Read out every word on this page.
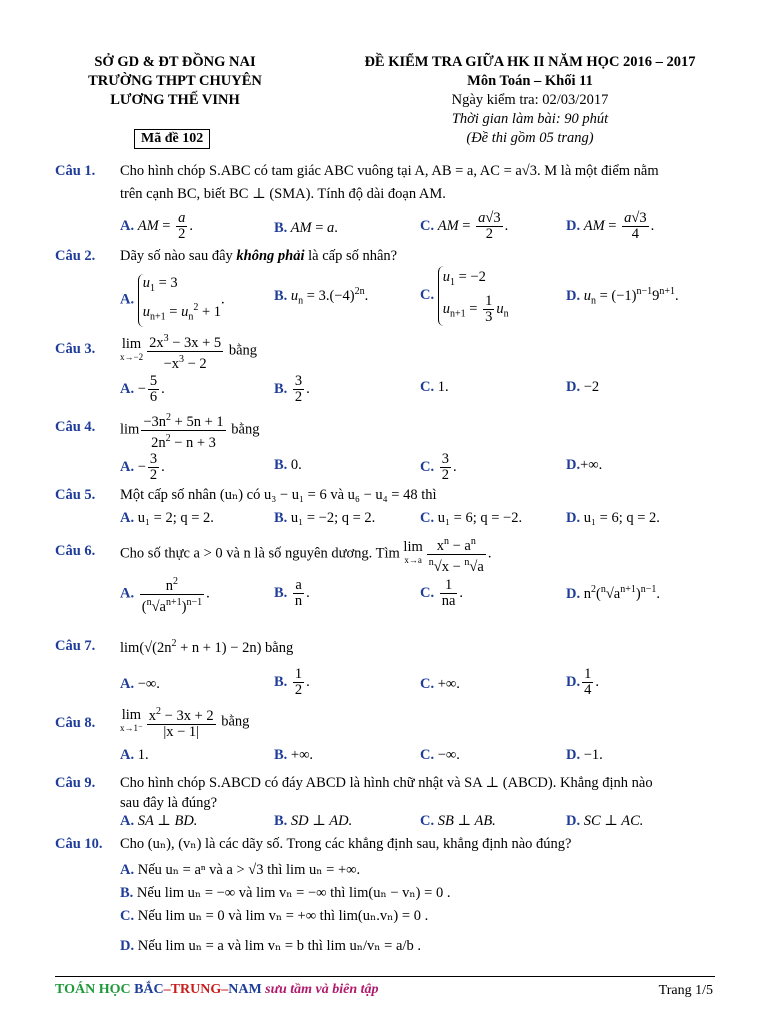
SỞ GD & ĐT ĐỒNG NAI
TRƯỜNG THPT CHUYÊN
LƯƠNG THẾ VINH
ĐỀ KIỂM TRA GIỮA HK II NĂM HỌC 2016 – 2017
Môn Toán – Khối 11
Ngày kiểm tra: 02/03/2017
Thời gian làm bài: 90 phút
(Đề thi gồm 05 trang)
Mã đề 102
Câu 1. Cho hình chóp S.ABC có tam giác ABC vuông tại A, AB = a, AC = a√3. M là một điểm nằm
trên cạnh BC, biết BC ⊥ (SMA). Tính độ dài đoạn AM.
A. AM = $\frac{a}{2}$ .	B. AM = a.	C. AM = $\frac{a√3}{2}$ .	D. AM = $\frac{a√3}{4}$ .
Câu 2. Dãy số nào sau đây không phải là cấp số nhân?
A. $u_1 = 3$
$u_{n+1} = u_n^2 + 1$.	B. $u_n = 3.(-4)^{2n}$.	C. $u_1 = -2$
$u_{n+1} = \frac{1}{3} u_n$
D. $u_n = (-1)^{n-1}9^{n+1}$.
Câu 3. lim
$x\to-2 \frac{2x^3 - 3x + 5}{-x^3 - 2}$ bằng
A. − $\frac{5}{6}$ .	B. $\frac{3}{2}$ .	C. 1.	D. −2
Câu 4. $\lim \frac{-3n^2 + 5n + 1}{2n^2 - n + 3}$ bằng
A. − $\frac{3}{2}$ .	B. 0.	C. $\frac{3}{2}$ .	D.+∞.
Câu 5. Một cấp số nhân (uₙ) có u₃ − u₁ = 6 và u₆ − u₄ = 48 thì
A. u₁ = 2; q = 2.	B. u₁ = −2; q = 2.	C. u₁ = 6; q = −2.	D. u₁ = 6; q = 2.
Câu 6. Cho số thực a > 0 và n là số nguyên dương. Tìm lim
$x\to a \frac{x^n - a^n}{^n√x - ^n√a}$ .
A. $\frac{n^2}{(^n√a^{n+1})^{n-1}}$ .	B. $\frac{a}{n}$ .	C. $\frac{1}{na}$ .	D. $n^2(^n√a^{n+1})^{n-1}$.
Câu 7. $\lim(√(2n^2 + n + 1) - 2n)$ bằng
A. −∞.	B. $\frac{1}{2}$ .	C. +∞.	D. $\frac{1}{4}$ .
Câu 8.
lim
$x\to 1^- \frac{x^2 - 3x + 2}{|x - 1|}$ bằng
A. 1.	B. +∞.	C. −∞.	D. −1.
Câu 9. Cho hình chóp S.ABCD có đáy ABCD là hình chữ nhật và SA ⊥ (ABCD). Khẳng định nào
sau đây là đúng?
A. SA ⊥ BD.	B. SD ⊥ AD.	C. SB ⊥ AB.	D. SC ⊥ AC.
Câu 10. Cho (uₙ), (vₙ) là các dãy số. Trong các khẳng định sau, khẳng định nào đúng?
A. Nếu uₙ = aⁿ và a > √3 thì lim uₙ = +∞.
B. Nếu lim uₙ = −∞ và lim vₙ = −∞ thì lim(uₙ − vₙ) = 0 .
C. Nếu lim uₙ = 0 và lim vₙ = +∞ thì lim(uₙ.vₙ) = 0 .
D. Nếu lim uₙ = a và lim vₙ = b thì lim uₙ/vₙ = a/b .
TOÁN HỌC BẮC–TRUNG–NAM sưu tầm và biên tập	Trang 1/5
